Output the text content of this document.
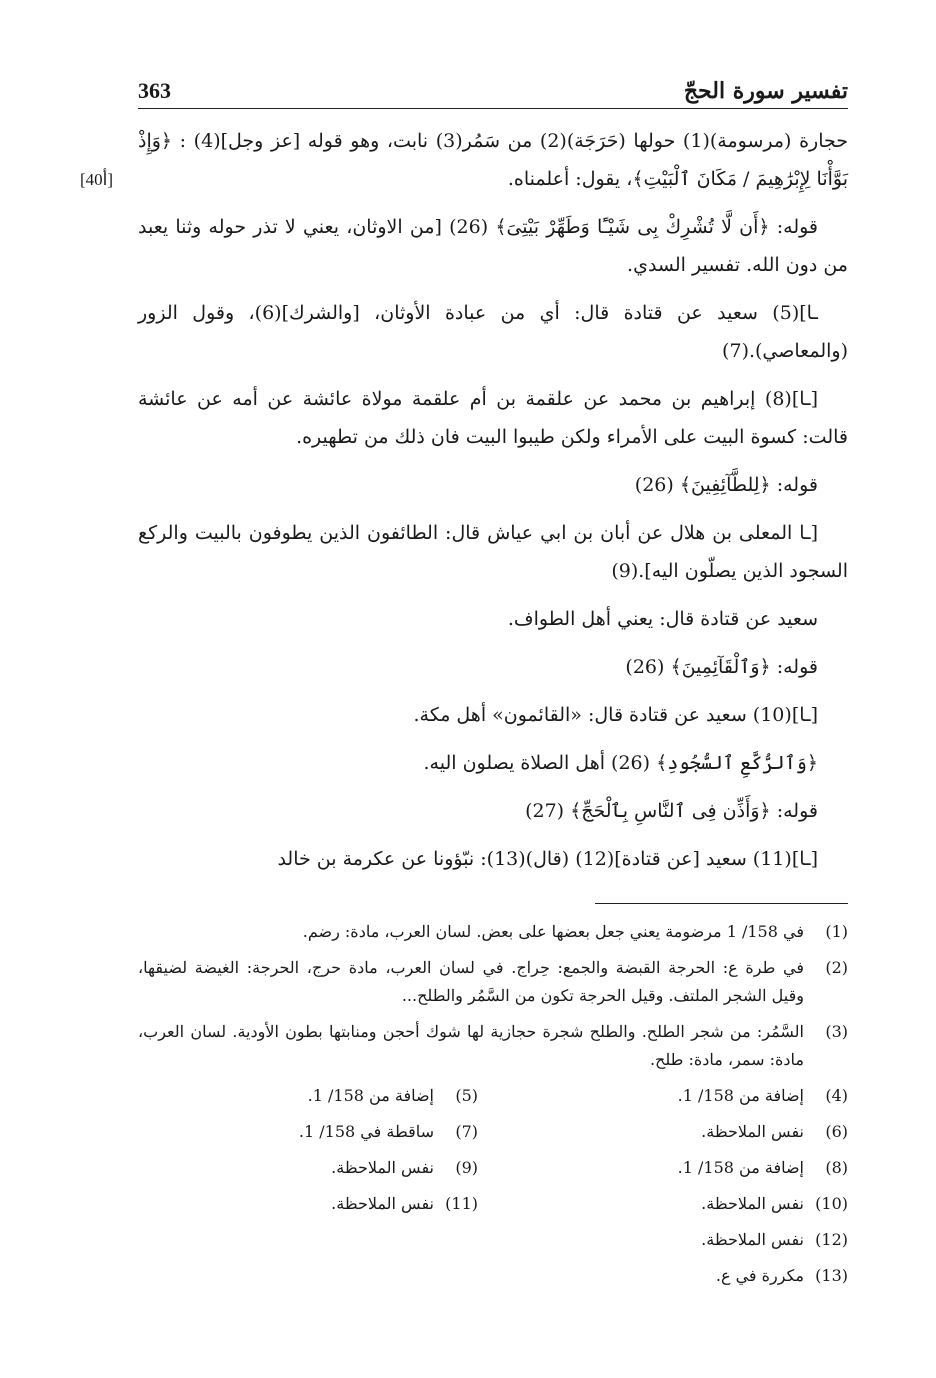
363	تفسير سورة الحجّ
[40أ]

حجارة (مرسومة)(1) حولها (حَرَجَة)(2) من سَمُر(3) نابت، وهو قوله [عز وجل](4) : ﴿وَإِذْ بَوَّأْنَا لِإِبْرَٰهِيمَ / مَكَانَ ٱلْبَيْتِ﴾، يقول: أعلمناه.

قوله: ﴿أَن لَّا تُشْرِكْ بِى شَيْـًٔا وَطَهِّرْ بَيْتِىَ﴾ (26) [من الاوثان، يعني لا تذر حوله وثنا يعبد من دون الله. تفسير السدي.

ـا](5) سعيد عن قتادة قال: أي من عبادة الأوثان، [والشرك](6)، وقول الزور (والمعاصي).(7)

[ـا](8) إبراهيم بن محمد عن علقمة بن أم علقمة مولاة عائشة عن أمه عن عائشة قالت: كسوة البيت على الأمراء ولكن طيبوا البيت فان ذلك من تطهيره.

قوله: ﴿لِلطَّآئِفِينَ﴾ (26)

[ـا المعلى بن هلال عن أبان بن ابي عياش قال: الطائفون الذين يطوفون بالبيت والركع السجود الذين يصلّون اليه].(9)

سعيد عن قتادة قال: يعني أهل الطواف.

قوله: ﴿وَٱلْقَآئِمِينَ﴾ (26)

[ـا](10) سعيد عن قتادة قال: «القائمون» أهل مكة.

﴿وَٱلرُّكَّعِ ٱلسُّجُودِ﴾ (26) أهل الصلاة يصلون اليه.

قوله: ﴿وَأَذِّن فِى ٱلنَّاسِ بِٱلْحَجِّ﴾ (27)

[ـا](11) سعيد [عن قتادة](12) (قال)(13): نبّؤونا عن عكرمة بن خالد

(1)
في 158/ 1 مرضومة يعني جعل بعضها على بعض. لسان العرب، مادة: رضم.
(2)
في طرة ع: الحرجة القبضة والجمع: حِراج. في لسان العرب، مادة حرج، الحرجة: الغيضة لضيقها، وقيل الشجر الملتف. وقيل الحرجة تكون من السَّمُر والطلح...
(3)
السَّمُر: من شجر الطلح. والطلح شجرة حجازية لها شوك أحجن ومنابتها بطون الأودية. لسان العرب، مادة: سمر، مادة: طلح.
(4)
إضافة من 158/ 1.
(5)
إضافة من 158/ 1.
(6)
نفس الملاحظة.
(7)
ساقطة في 158/ 1.
(8)
إضافة من 158/ 1.
(9)
نفس الملاحظة.
(10)
نفس الملاحظة.
(11)
نفس الملاحظة.
(12)
نفس الملاحظة.
(13)
مكررة في ع.
